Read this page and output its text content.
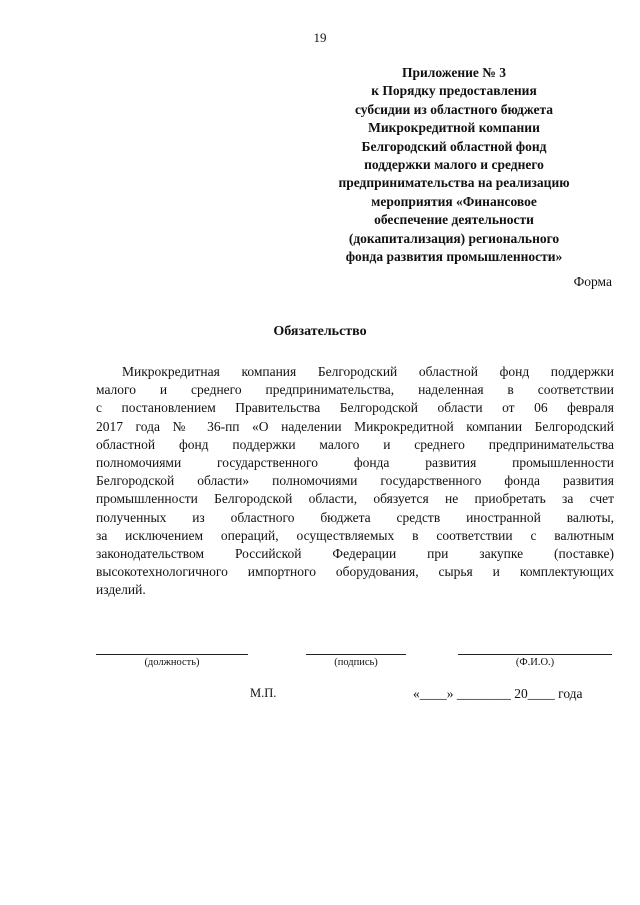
19
Приложение № 3
к Порядку предоставления
субсидии из областного бюджета
Микрокредитной компании
Белгородский областной фонд
поддержки малого и среднего
предпринимательства на реализацию
мероприятия «Финансовое
обеспечение деятельности
(докапитализация) регионального
фонда развития промышленности»
Форма
Обязательство
Микрокредитная компания Белгородский областной фонд поддержки
малого и среднего предпринимательства, наделенная в соответствии
с постановлением Правительства Белгородской области от 06 февраля
2017 года № 36-пп «О наделении Микрокредитной компании Белгородский
областной фонд поддержки малого и среднего предпринимательства
полномочиями государственного фонда развития промышленности
Белгородской области» полномочиями государственного фонда развития
промышленности Белгородской области, обязуется не приобретать за счет
полученных из областного бюджета средств иностранной валюты,
за исключением операций, осуществляемых в соответствии с валютным
законодательством Российской Федерации при закупке (поставке)
высокотехнологичного импортного оборудования, сырья и комплектующих
изделий.
(должность)	(подпись)	(Ф.И.О.)
М.П.	«____» ________ 20____ года
